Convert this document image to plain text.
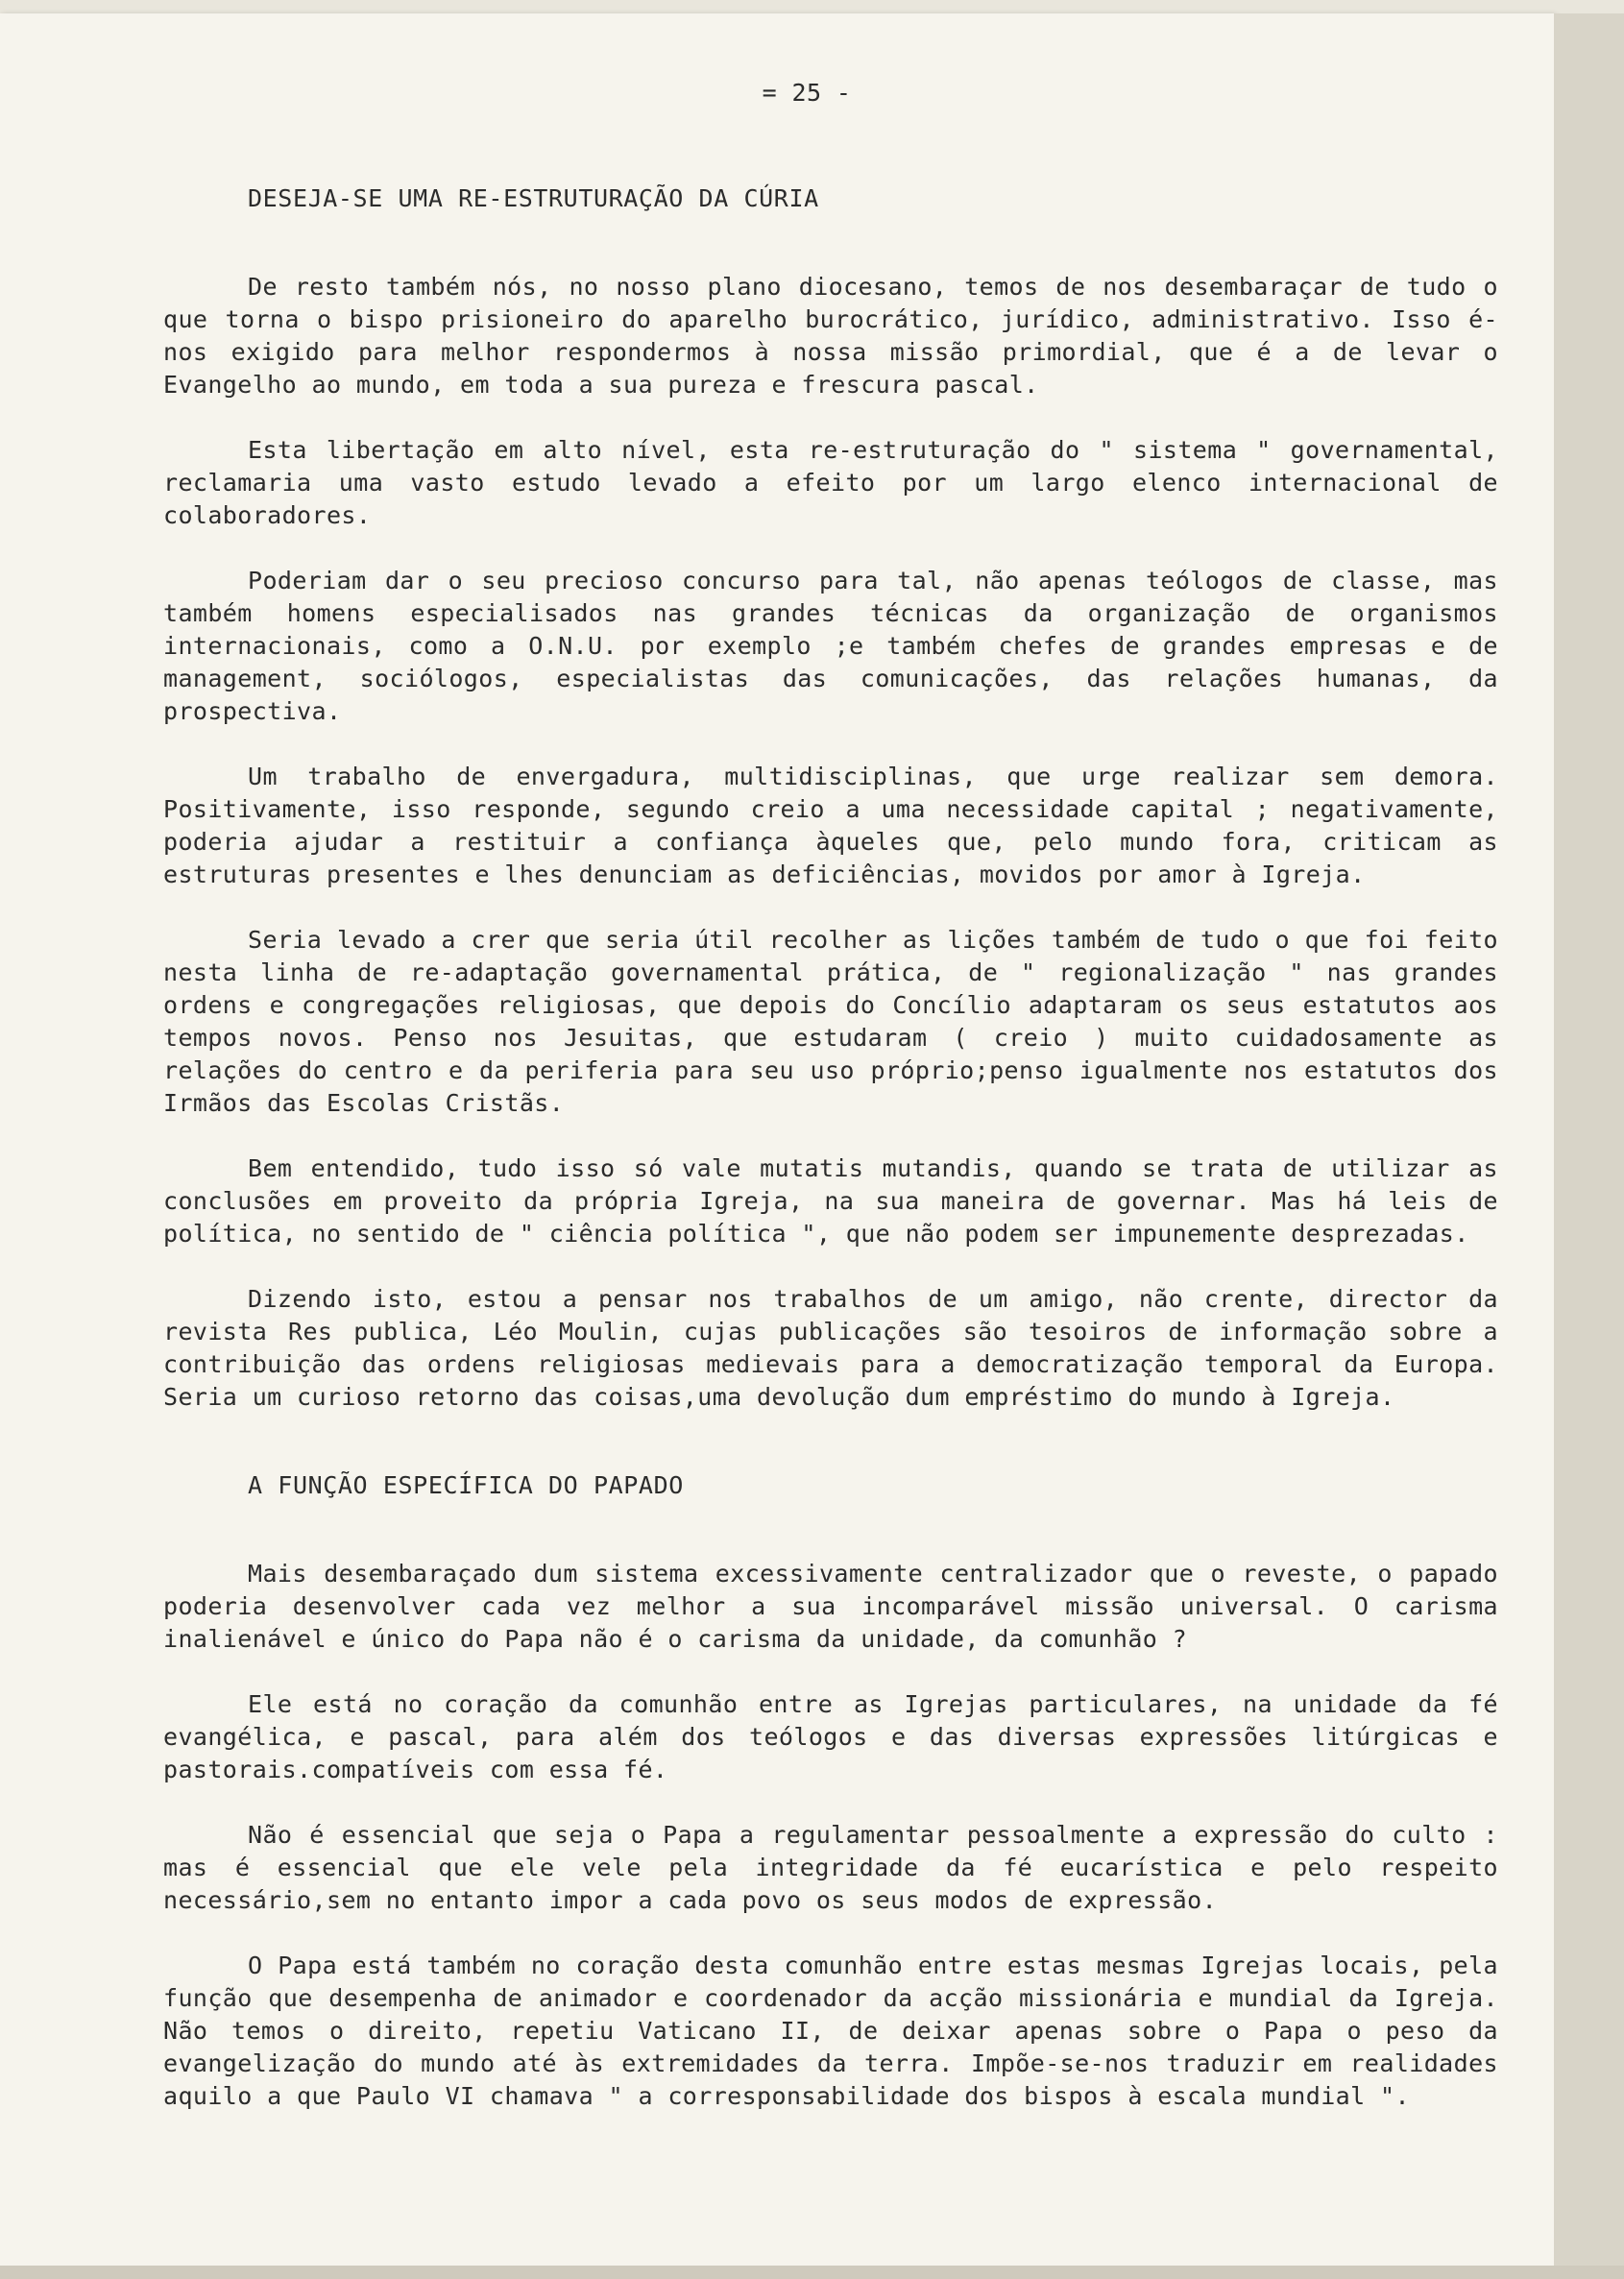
= 25 -
DESEJA-SE UMA RE-ESTRUTURAÇÃO DA CÚRIA

De resto também nós, no nosso plano diocesano, temos de nos desembaraçar de tudo o que torna o bispo prisioneiro do aparelho burocrático, jurídico, administrativo. Isso é-nos exigido para melhor respondermos à nossa missão primordial, que é a de levar o Evangelho ao mundo, em toda a sua pureza e frescura pascal.

Esta libertação em alto nível, esta re-estruturação do " sistema " governamental, reclamaria uma vasto estudo levado a efeito por um largo elenco internacional de colaboradores.

Poderiam dar o seu precioso concurso para tal, não apenas teólogos de classe, mas também homens especialisados nas grandes técnicas da organização de organismos internacionais, como a O.N.U. por exemplo ;e também chefes de grandes empresas e de management, sociólogos, especialistas das comunicações, das relações humanas, da prospectiva.

Um trabalho de envergadura, multidisciplinas, que urge realizar sem demora. Positivamente, isso responde, segundo creio a uma necessidade capital ; negativamente, poderia ajudar a restituir a confiança àqueles que, pelo mundo fora, criticam as estruturas presentes e lhes denunciam as deficiências, movidos por amor à Igreja.

Seria levado a crer que seria útil recolher as lições também de tudo o que foi feito nesta linha de re-adaptação governamental prática, de " regionalização " nas grandes ordens e congregações religiosas, que depois do Concílio adaptaram os seus estatutos aos tempos novos. Penso nos Jesuitas, que estudaram ( creio ) muito cuidadosamente as relações do centro e da periferia para seu uso próprio;penso igualmente nos estatutos dos Irmãos das Escolas Cristãs.

Bem entendido, tudo isso só vale mutatis mutandis, quando se trata de utilizar as conclusões em proveito da própria Igreja, na sua maneira de governar. Mas há leis de política, no sentido de " ciência política ", que não podem ser impunemente desprezadas.

Dizendo isto, estou a pensar nos trabalhos de um amigo, não crente, director da revista Res publica, Léo Moulin, cujas publicações são tesoiros de informação sobre a contribuição das ordens religiosas medievais para a democratização temporal da Europa. Seria um curioso retorno das coisas,uma devolução dum empréstimo do mundo à Igreja.

A FUNÇÃO ESPECÍFICA DO PAPADO

Mais desembaraçado dum sistema excessivamente centralizador que o reveste, o papado poderia desenvolver cada vez melhor a sua incomparável missão universal. O carisma inalienável e único do Papa não é o carisma da unidade, da comunhão ?

Ele está no coração da comunhão entre as Igrejas particulares, na unidade da fé evangélica, e pascal, para além dos teólogos e das diversas expressões litúrgicas e pastorais.compatíveis com essa fé.

Não é essencial que seja o Papa a regulamentar pessoalmente a expressão do culto : mas é essencial que ele vele pela integridade da fé eucarística e pelo respeito necessário,sem no entanto impor a cada povo os seus modos de expressão.

O Papa está também no coração desta comunhão entre estas mesmas Igrejas locais, pela função que desempenha de animador e coordenador da acção missionária e mundial da Igreja. Não temos o direito, repetiu Vaticano II, de deixar apenas sobre o Papa o peso da evangelização do mundo até às extremidades da terra. Impõe-se-nos traduzir em realidades aquilo a que Paulo VI chamava " a corresponsabilidade dos bispos à escala mundial ".
